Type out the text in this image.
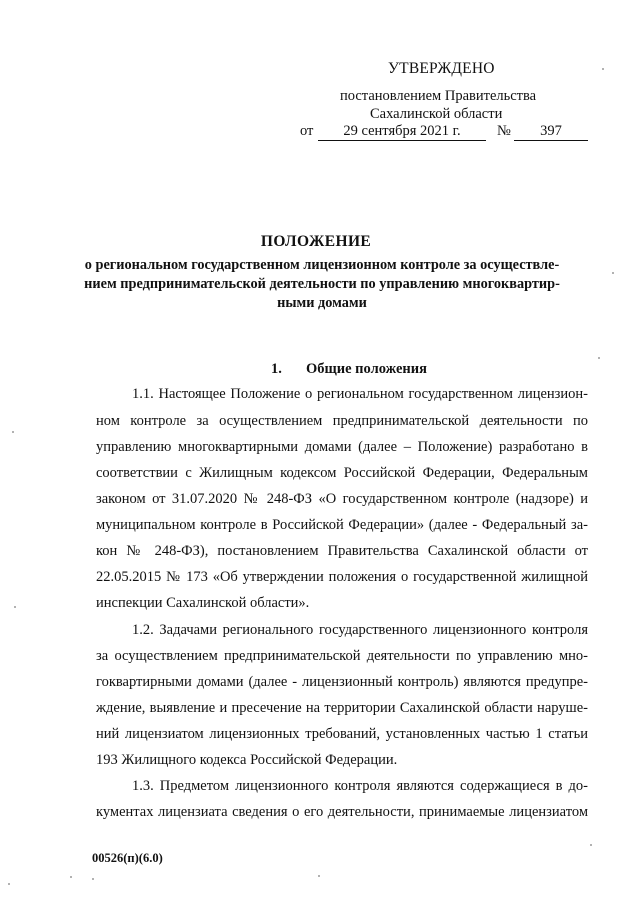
УТВЕРЖДЕНО
постановлением Правительства
Сахалинской области
от	29 сентября 2021 г.	№	397
ПОЛОЖЕНИЕ
о региональном государственном лицензионном контроле за осуществле-
нием предпринимательской деятельности по управлению многоквартир-
ными домами
1. Общие положения
1.1. Настоящее Положение о региональном государственном лицензион-
ном контроле за осуществлением предпринимательской деятельности по
управлению многоквартирными домами (далее – Положение) разработано в
соответствии с Жилищным кодексом Российской Федерации, Федеральным
законом от 31.07.2020 № 248-ФЗ «О государственном контроле (надзоре) и
муниципальном контроле в Российской Федерации» (далее - Федеральный за-
кон № 248-ФЗ), постановлением Правительства Сахалинской области от
22.05.2015 № 173 «Об утверждении положения о государственной жилищной
инспекции Сахалинской области».
1.2. Задачами регионального государственного лицензионного контроля
за осуществлением предпринимательской деятельности по управлению мно-
гоквартирными домами (далее - лицензионный контроль) являются предупре-
ждение, выявление и пресечение на территории Сахалинской области наруше-
ний лицензиатом лицензионных требований, установленных частью 1 статьи
193 Жилищного кодекса Российской Федерации.
1.3. Предметом лицензионного контроля являются содержащиеся в до-
кументах лицензиата сведения о его деятельности, принимаемые лицензиатом
00526(п)(6.0)
